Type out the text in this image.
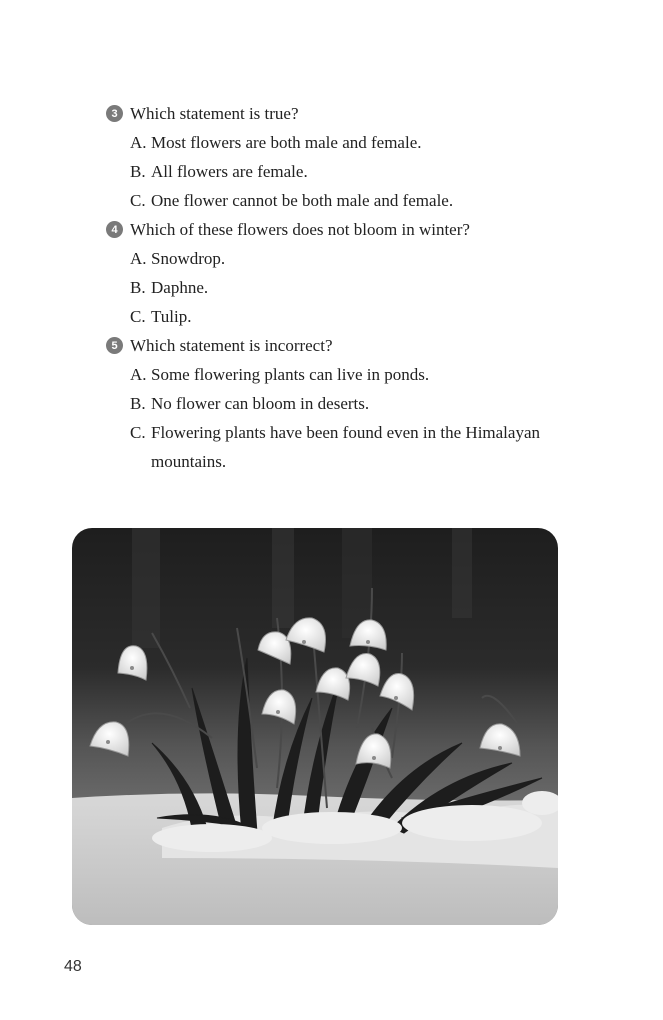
3 Which statement is true?
A. Most flowers are both male and female.
B. All flowers are female.
C. One flower cannot be both male and female.
4 Which of these flowers does not bloom in winter?
A. Snowdrop.
B. Daphne.
C. Tulip.
5 Which statement is incorrect?
A. Some flowering plants can live in ponds.
B. No flower can bloom in deserts.
C. Flowering plants have been found even in the Himalayan mountains.
48
